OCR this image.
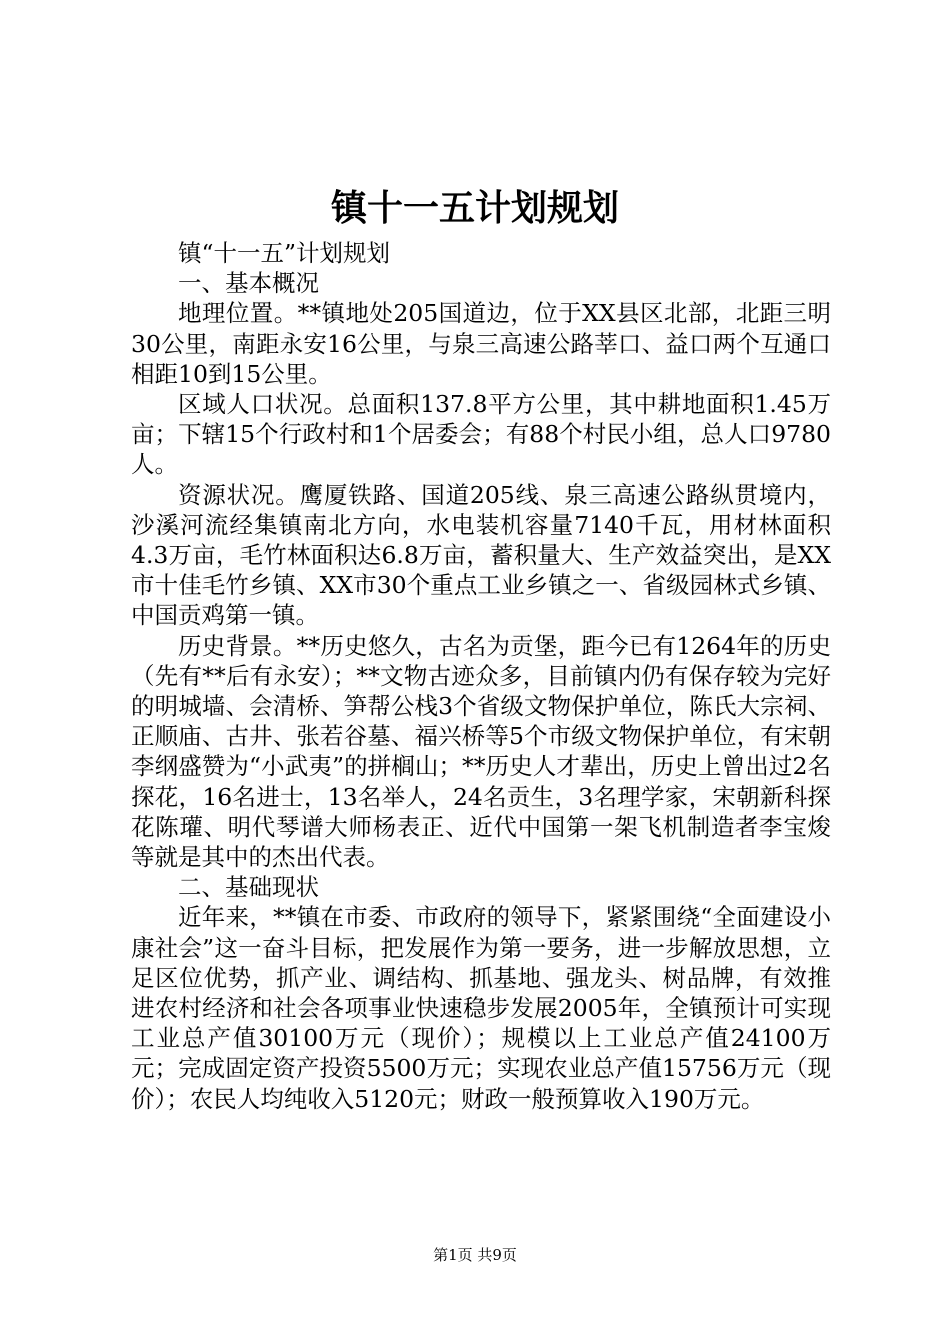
镇十一五计划规划

镇“十一五”计划规划

一、基本概况

地理位置。**镇地处205国道边，位于XX县区北部，北距三明30公里，南距永安16公里，与泉三高速公路莘口、益口两个互通口相距10到15公里。

区域人口状况。总面积137.8平方公里，其中耕地面积1.45万亩；下辖15个行政村和1个居委会；有88个村民小组，总人口9780人。

资源状况。鹰厦铁路、国道205线、泉三高速公路纵贯境内，沙溪河流经集镇南北方向，水电装机容量7140千瓦，用材林面积4.3万亩，毛竹林面积达6.8万亩，蓄积量大、生产效益突出，是XX市十佳毛竹乡镇、XX市30个重点工业乡镇之一、省级园林式乡镇、中国贡鸡第一镇。

历史背景。**历史悠久，古名为贡堡，距今已有1264年的历史（先有**后有永安）；**文物古迹众多，目前镇内仍有保存较为完好的明城墙、会清桥、笋帮公栈3个省级文物保护单位，陈氏大宗祠、正顺庙、古井、张若谷墓、福兴桥等5个市级文物保护单位，有宋朝李纲盛赞为“小武夷”的拼榈山；**历史人才辈出，历史上曾出过2名探花，16名进士，13名举人，24名贡生，3名理学家，宋朝新科探花陈瓘、明代琴谱大师杨表正、近代中国第一架飞机制造者李宝焌等就是其中的杰出代表。

二、基础现状

近年来，**镇在市委、市政府的领导下，紧紧围绕“全面建设小康社会”这一奋斗目标，把发展作为第一要务，进一步解放思想，立足区位优势，抓产业、调结构、抓基地、强龙头、树品牌，有效推进农村经济和社会各项事业快速稳步发展2005年，全镇预计可实现工业总产值30100万元（现价）；规模以上工业总产值24100万元；完成固定资产投资5500万元；实现农业总产值15756万元（现价）；农民人均纯收入5120元；财政一般预算收入190万元。

第1页 共9页
